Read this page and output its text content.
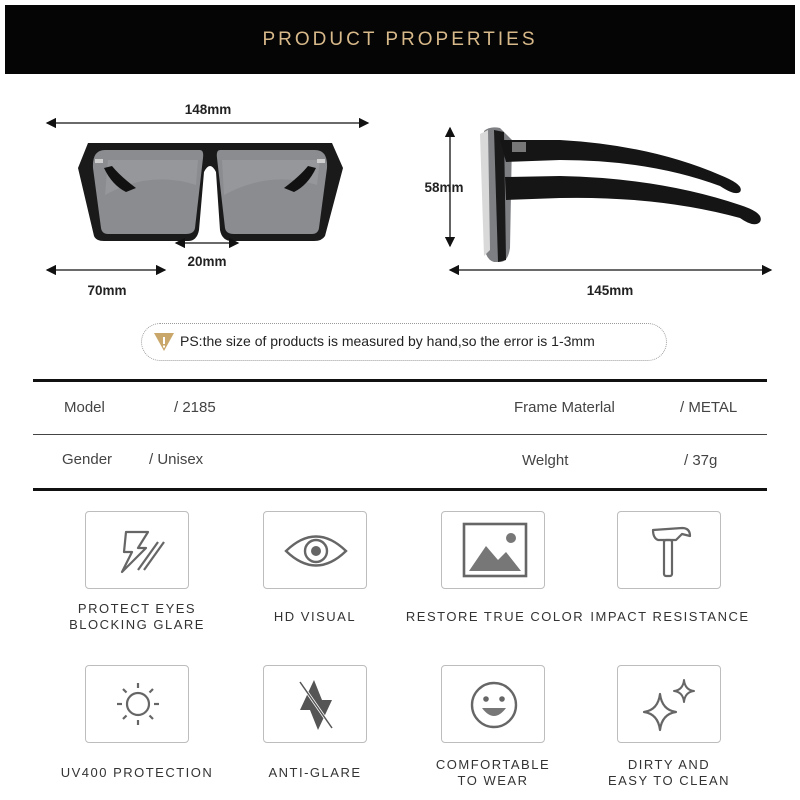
PRODUCT PROPERTIES
148mm
20mm
70mm
58mm
145mm
PS:the size of products is measured by hand,so the error is 1-3mm
Model	/ 2185	Frame Materlal	/ METAL
Gender / Unisex	Welght	/ 37g
PROTECT EYES
BLOCKING GLARE
HD VISUAL	RESTORE TRUE COLOR IMPACT RESISTANCE
UV400 PROTECTION	ANTI-GLARE
COMFORTABLE
TO WEAR
DIRTY AND
EASY TO CLEAN
